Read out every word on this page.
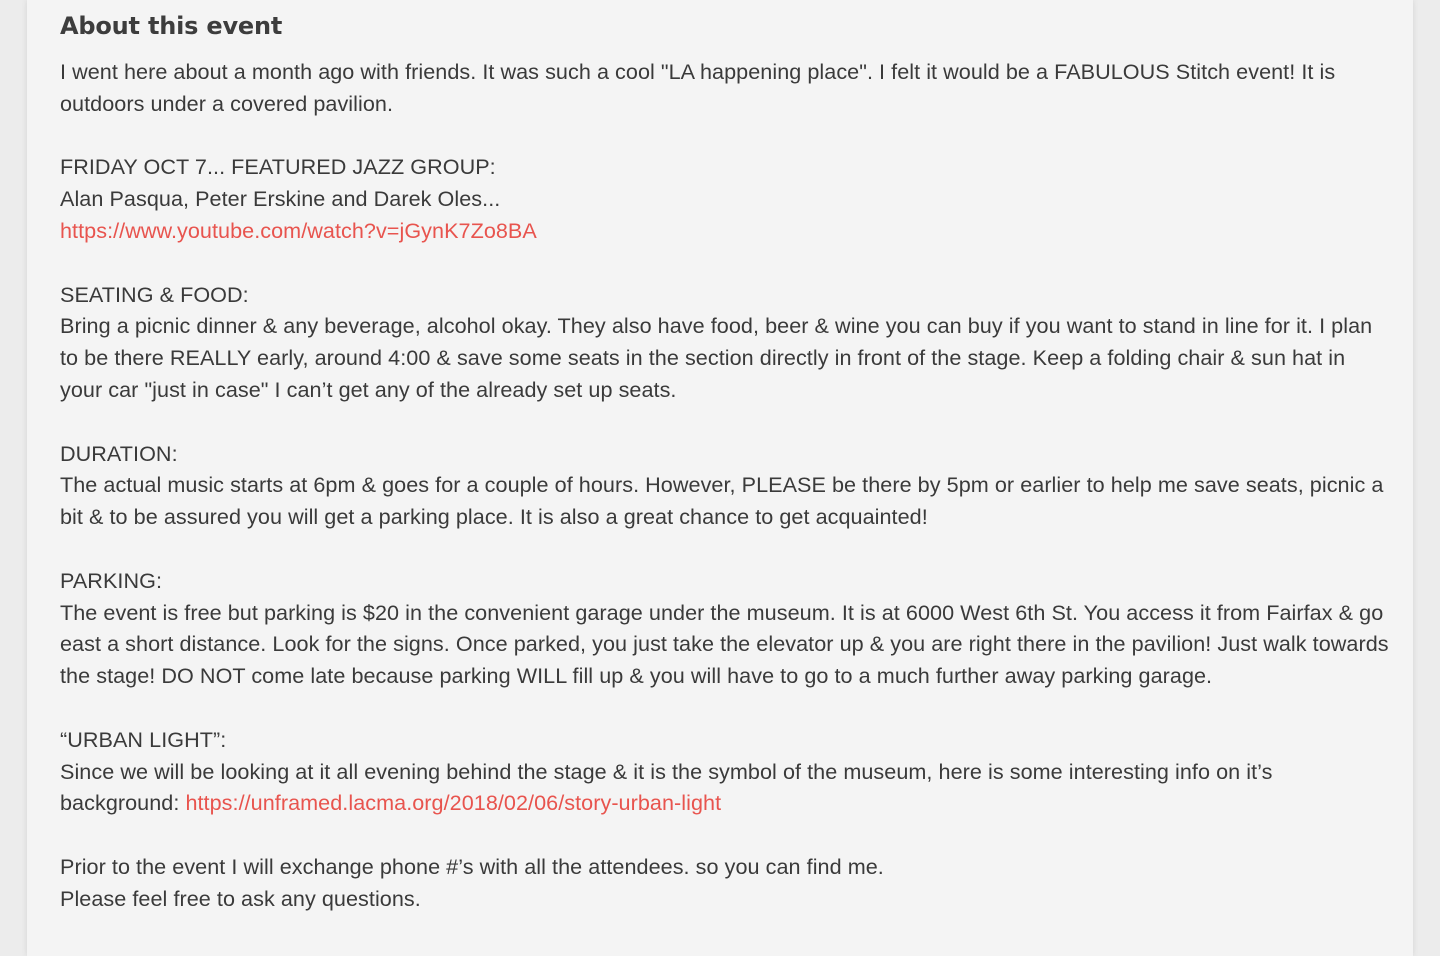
About this event

I went here about a month ago with friends. It was such a cool "LA happening place". I felt it would be a FABULOUS Stitch event! It is outdoors under a covered pavilion.

FRIDAY OCT 7... FEATURED JAZZ GROUP:
Alan Pasqua, Peter Erskine and Darek Oles...
https://www.youtube.com/watch?v=jGynK7Zo8BA

SEATING & FOOD:
Bring a picnic dinner & any beverage, alcohol okay. They also have food, beer & wine you can buy if you want to stand in line for it. I plan to be there REALLY early, around 4:00 & save some seats in the section directly in front of the stage. Keep a folding chair & sun hat in your car "just in case" I can’t get any of the already set up seats.

DURATION:
The actual music starts at 6pm & goes for a couple of hours. However, PLEASE be there by 5pm or earlier to help me save seats, picnic a bit & to be assured you will get a parking place. It is also a great chance to get acquainted!

PARKING:
The event is free but parking is $20 in the convenient garage under the museum. It is at 6000 West 6th St. You access it from Fairfax & go east a short distance. Look for the signs. Once parked, you just take the elevator up & you are right there in the pavilion! Just walk towards the stage! DO NOT come late because parking WILL fill up & you will have to go to a much further away parking garage.

“URBAN LIGHT”:
Since we will be looking at it all evening behind the stage & it is the symbol of the museum, here is some interesting info on it’s background: https://unframed.lacma.org/2018/02/06/story-urban-light

Prior to the event I will exchange phone #’s with all the attendees. so you can find me.
Please feel free to ask any questions.
